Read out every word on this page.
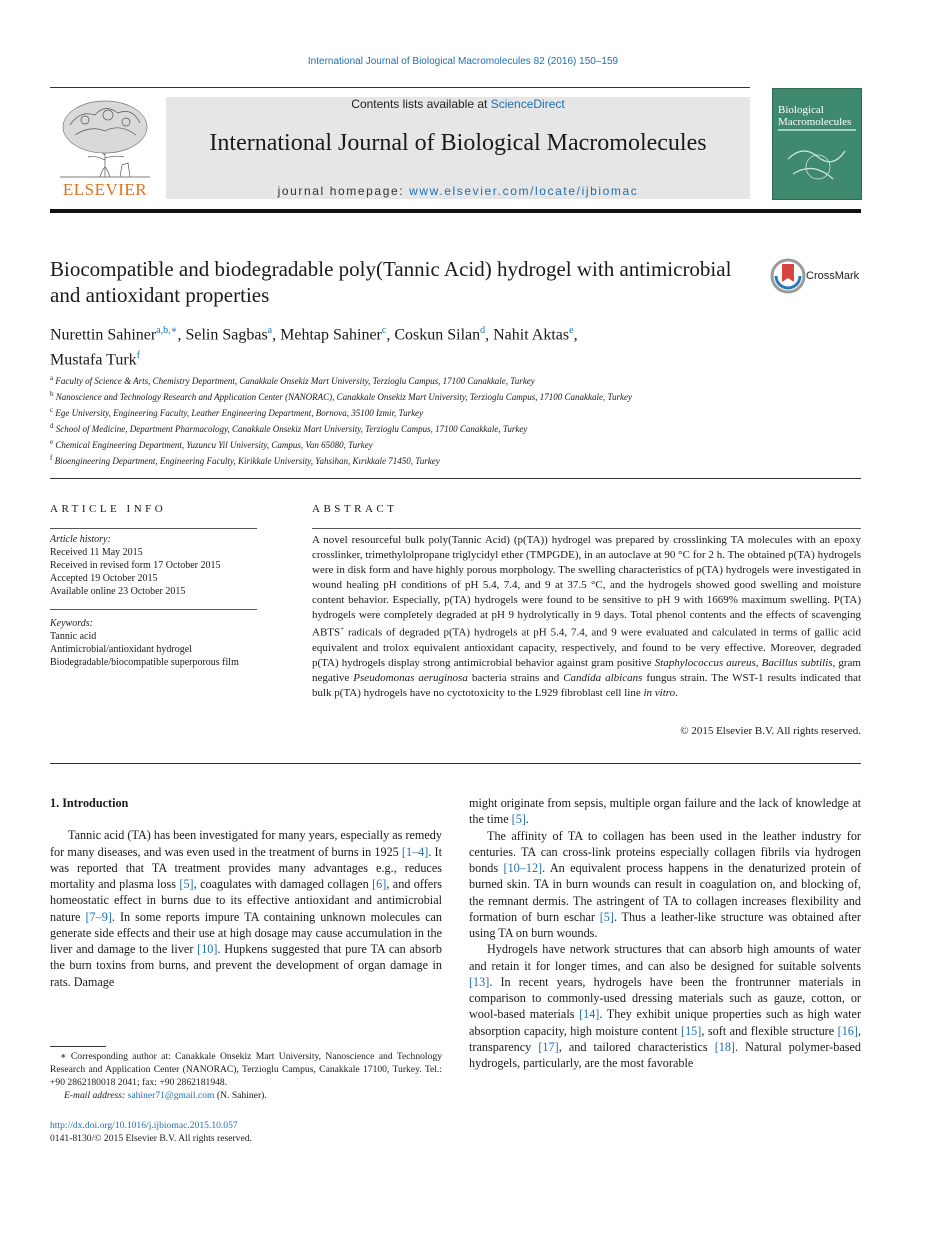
International Journal of Biological Macromolecules 82 (2016) 150–159
ELSEVIER
Contents lists available at ScienceDirect
International Journal of Biological Macromolecules
journal homepage: www.elsevier.com/locate/ijbiomac
Biological
Macromolecules
Biocompatible and biodegradable poly(Tannic Acid) hydrogel with antimicrobial and antioxidant properties
CrossMark
Nurettin Sahiner$^{a,b,∗}$, Selin Sagbas$^a$, Mehtap Sahiner$^c$, Coskun Silan$^d$, Nahit Aktas$^e$,
Mustafa Turk$^f$

$^a$ Faculty of Science & Arts, Chemistry Department, Canakkale Onsekiz Mart University, Terzioglu Campus, 17100 Canakkale, Turkey

$^b$ Nanoscience and Technology Research and Application Center (NANORAC), Canakkale Onsekiz Mart University, Terzioglu Campus, 17100 Canakkale, Turkey

$^c$ Ege University, Engineering Faculty, Leather Engineering Department, Bornova, 35100 Izmir, Turkey

$^d$ School of Medicine, Department Pharmacology, Canakkale Onsekiz Mart University, Terzioglu Campus, 17100 Canakkale, Turkey

$^e$ Chemical Engineering Department, Yuzuncu Yil University, Campus, Van 65080, Turkey

$^f$ Bioengineering Department, Engineering Faculty, Kirikkale University, Yahsihan, Kırıkkale 71450, Turkey

ARTICLE INFO	ABSTRACT
Article history:
Received 11 May 2015
Received in revised form 17 October 2015
Accepted 19 October 2015
Available online 23 October 2015
Keywords:
Tannic acid
Antimicrobial/antioxidant hydrogel
Biodegradable/biocompatible superporous film
A novel resourceful bulk poly(Tannic Acid) (p(TA)) hydrogel was prepared by crosslinking TA molecules with an epoxy crosslinker, trimethylolpropane triglycidyl ether (TMPGDE), in an autoclave at 90 °C for 2 h. The obtained p(TA) hydrogels were in disk form and have highly porous morphology. The swelling characteristics of p(TA) hydrogels were investigated in wound healing pH conditions of pH 5.4, 7.4, and 9 at 37.5 °C, and the hydrogels showed good swelling and moisture content behavior. Especially, p(TA) hydrogels were found to be sensitive to pH 9 with 1669% maximum swelling. P(TA) hydrogels were completely degraded at pH 9 hydrolytically in 9 days. Total phenol contents and the effects of scavenging ABTS+ radicals of degraded p(TA) hydrogels at pH 5.4, 7.4, and 9 were evaluated and calculated in terms of gallic acid equivalent and trolox equivalent antioxidant capacity, respectively, and found to be very effective. Moreover, degraded p(TA) hydrogels display strong antimicrobial behavior against gram positive Staphylococcus aureus, Bacillus subtilis, gram negative Pseudomonas aeruginosa bacteria strains and Candida albicans fungus strain. The WST-1 results indicated that bulk p(TA) hydrogels have no cyctotoxicity to the L929 fibroblast cell line in vitro.
© 2015 Elsevier B.V. All rights reserved.
1. Introduction

Tannic acid (TA) has been investigated for many years, especially as remedy for many diseases, and was even used in the treatment of burns in 1925 [1–4]. It was reported that TA treatment provides many advantages e.g., reduces mortality and plasma loss [5], coagulates with damaged collagen [6], and offers homeostatic effect in burns due to its effective antioxidant and antimicrobial nature [7–9]. In some reports impure TA containing unknown molecules can generate side effects and their use at high dosage may cause accumulation in the liver and damage to the liver [10]. Hupkens suggested that pure TA can absorb the burn toxins from burns, and prevent the development of organ damage in rats. Damage

might originate from sepsis, multiple organ failure and the lack of knowledge at the time [5].

The affinity of TA to collagen has been used in the leather industry for centuries. TA can cross-link proteins especially collagen fibrils via hydrogen bonds [10–12]. An equivalent process happens in the denaturized protein of burned skin. TA in burn wounds can result in coagulation on, and blocking of, the remnant dermis. The astringent of TA to collagen increases flexibility and formation of burn eschar [5]. Thus a leather-like structure was obtained after using TA on burn wounds.

Hydrogels have network structures that can absorb high amounts of water and retain it for longer times, and can also be designed for suitable solvents [13]. In recent years, hydrogels have been the frontrunner materials in comparison to commonly-used dressing materials such as gauze, cotton, or wool-based materials [14]. They exhibit unique properties such as high water absorption capacity, high moisture content [15], soft and flexible structure [16], transparency [17], and tailored characteristics [18]. Natural polymer-based hydrogels, particularly, are the most favorable

∗ Corresponding author at: Canakkale Onsekiz Mart University, Nanoscience and Technology Research and Application Center (NANORAC), Terzioglu Campus, Canakkale 17100, Turkey. Tel.: +90 2862180018 2041; fax: +90 2862181948.
E-mail address: sahiner71@gmail.com (N. Sahiner).
http://dx.doi.org/10.1016/j.ijbiomac.2015.10.057
0141-8130/© 2015 Elsevier B.V. All rights reserved.
